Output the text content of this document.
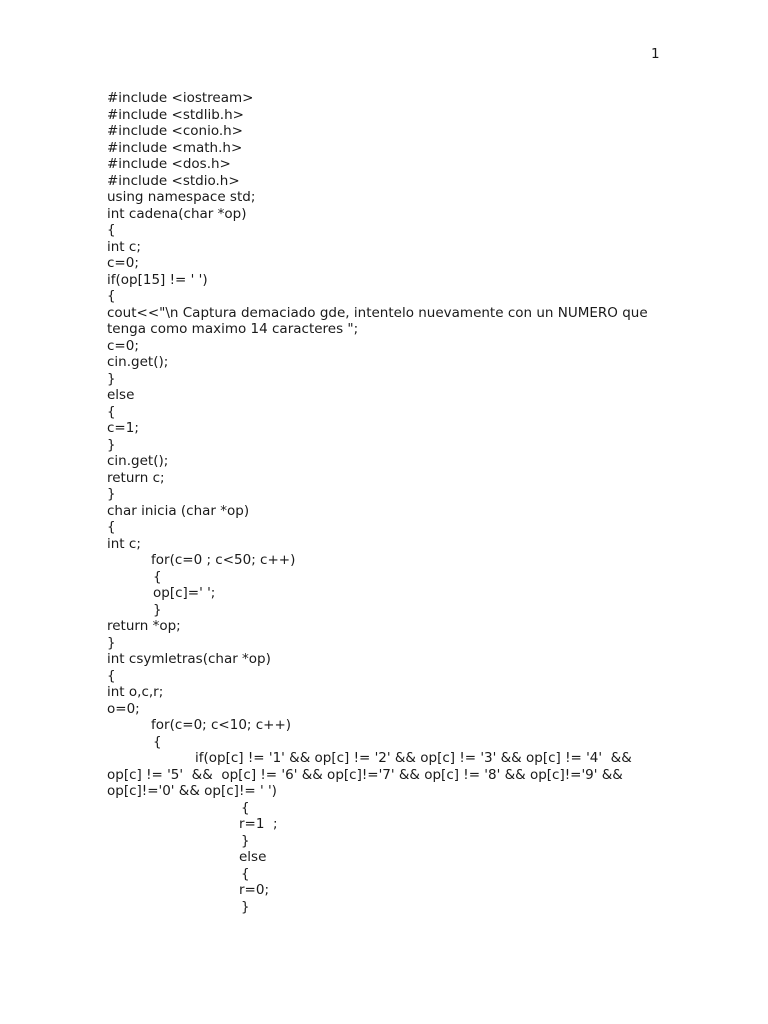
1
#include <iostream>
#include <stdlib.h>
#include <conio.h>
#include <math.h>
#include <dos.h>
#include <stdio.h>
using namespace std;
int cadena(char *op)
{
int c;
c=0;
if(op[15] != ' ')
{
cout<<"\n Captura demaciado gde, intentelo nuevamente con un NUMERO que
tenga como maximo 14 caracteres ";
c=0;
cin.get();
}
else
{
c=1;
}
cin.get();
return c;
}
char inicia (char *op)
{
int c;
for(c=0 ; c<50; c++)
{
op[c]=' ';
}
return *op;
}
int csymletras(char *op)
{
int o,c,r;
o=0;
for(c=0; c<10; c++)
{
if(op[c] != '1' && op[c] != '2' && op[c] != '3' && op[c] != '4'  &&
op[c] != '5'  &&  op[c] != '6' && op[c]!='7' && op[c] != '8' && op[c]!='9' &&
op[c]!='0' && op[c]!= ' ')
{
r=1  ;
}
else
{
r=0;
}
